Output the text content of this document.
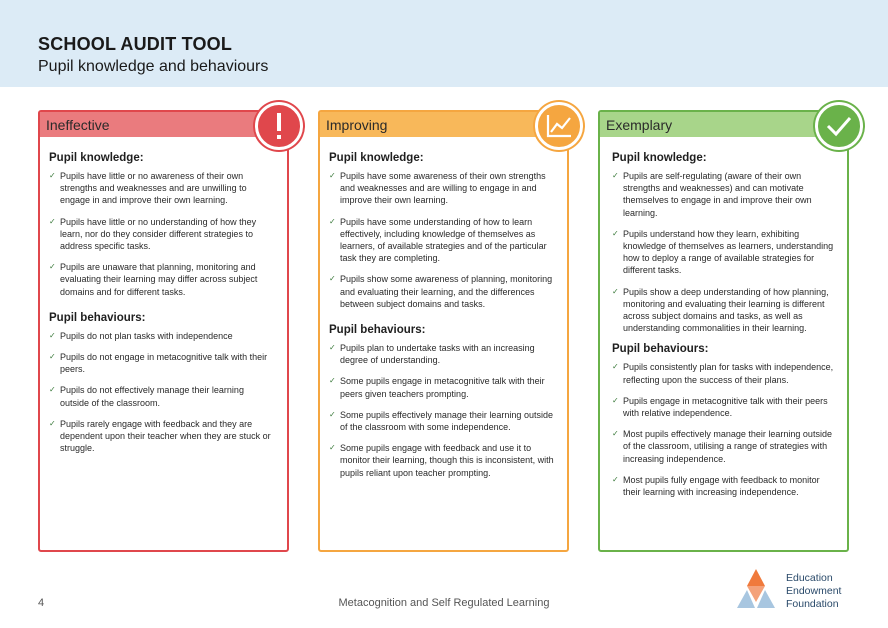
SCHOOL AUDIT TOOL
Pupil knowledge and behaviours
Ineffective
Pupil knowledge:
✓ Pupils have little or no awareness of their own strengths and weaknesses and are unwilling to engage in and improve their own learning.
✓ Pupils have little or no understanding of how they learn, nor do they consider different strategies to address specific tasks.
✓ Pupils are unaware that planning, monitoring and evaluating their learning may differ across subject domains and for different tasks.
Pupil behaviours:
✓ Pupils do not plan tasks with independence
✓ Pupils do not engage in metacognitive talk with their peers.
✓ Pupils do not effectively manage their learning outside of the classroom.
✓ Pupils rarely engage with feedback and they are dependent upon their teacher when they are stuck or struggle.
Improving
Pupil knowledge:
✓ Pupils have some awareness of their own strengths and weaknesses and are willing to engage in and improve their own learning.
✓ Pupils have some understanding of how to learn effectively, including knowledge of themselves as learners, of available strategies and of the particular task they are completing.
✓ Pupils show some awareness of planning, monitoring and evaluating their learning, and the differences between subject domains and tasks.
Pupil behaviours:
✓ Pupils plan to undertake tasks with an increasing degree of understanding.
✓ Some pupils engage in metacognitive talk with their peers given teachers prompting.
✓ Some pupils effectively manage their learning outside of the classroom with some independence.
✓ Some pupils engage with feedback and use it to monitor their learning, though this is inconsistent, with pupils reliant upon teacher prompting.
Exemplary
Pupil knowledge:
✓ Pupils are self-regulating (aware of their own strengths and weaknesses) and can motivate themselves to engage in and improve their own learning.
✓ Pupils understand how they learn, exhibiting knowledge of themselves as learners, understanding how to deploy a range of available strategies for different tasks.
✓ Pupils show a deep understanding of how planning, monitoring and evaluating their learning is different across subject domains and tasks, as well as understanding commonalities in their learning.
Pupil behaviours:
✓ Pupils consistently plan for tasks with independence, reflecting upon the success of their plans.
✓ Pupils engage in metacognitive talk with their peers with relative independence.
✓ Most pupils effectively manage their learning outside of the classroom, utilising a range of strategies with increasing independence.
✓ Most pupils fully engage with feedback to monitor their learning with increasing independence.
4	Metacognition and Self Regulated Learning
Education
Endowment
Foundation
